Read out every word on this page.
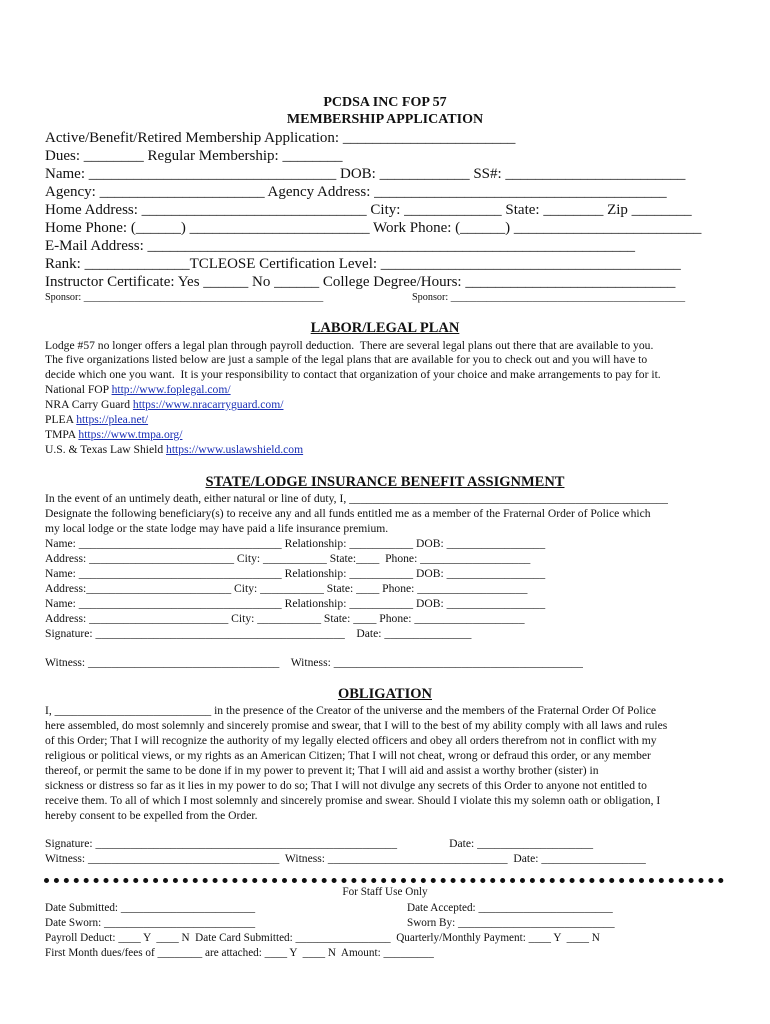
PCDSA INC FOP 57
MEMBERSHIP APPLICATION
Active/Benefit/Retired Membership Application: _______________________
Dues: ________ Regular Membership: ________
Name: _________________________________ DOB: ____________ SS#: ________________________
Agency: ______________________ Agency Address: _______________________________________
Home Address: ______________________________ City: _____________ State: ________ Zip ________
Home Phone: (______) ________________________ Work Phone: (______) _________________________
E-Mail Address: _________________________________________________________________
Rank: ______________TCLEOSE Certification Level: ________________________________________
Instructor Certificate: Yes ______ No ______ College Degree/Hours: ____________________________
Sponsor: _______________________________________________	Sponsor: ______________________________________________
LABOR/LEGAL PLAN
Lodge #57 no longer offers a legal plan through payroll deduction.  There are several legal plans out there that are available to you.
The five organizations listed below are just a sample of the legal plans that are available for you to check out and you will have to
decide which one you want.  It is your responsibility to contact that organization of your choice and make arrangements to pay for it.
National FOP http://www.foplegal.com/
NRA Carry Guard https://www.nracarryguard.com/
PLEA https://plea.net/
TMPA https://www.tmpa.org/
U.S. & Texas Law Shield https://www.uslawshield.com
STATE/LODGE INSURANCE BENEFIT ASSIGNMENT
In the event of an untimely death, either natural or line of duty, I, _______________________________________________________
Designate the following beneficiary(s) to receive any and all funds entitled me as a member of the Fraternal Order of Police which
my local lodge or the state lodge may have paid a life insurance premium.
Name: ___________________________________ Relationship: ___________ DOB: _________________
Address: _________________________ City: ___________ State:____  Phone: ___________________
Name: ___________________________________ Relationship: ___________ DOB: _________________
Address:_________________________ City: ___________ State: ____ Phone: ___________________
Name: ___________________________________ Relationship: ___________ DOB: _________________
Address: ________________________ City: ___________ State: ____ Phone: ___________________
Signature: ___________________________________________    Date: _______________
Witness: _________________________________    Witness: ___________________________________________
OBLIGATION
I, ___________________________ in the presence of the Creator of the universe and the members of the Fraternal Order Of Police
here assembled, do most solemnly and sincerely promise and swear, that I will to the best of my ability comply with all laws and rules
of this Order; That I will recognize the authority of my legally elected officers and obey all orders therefrom not in conflict with my
religious or political views, or my rights as an American Citizen; That I will not cheat, wrong or defraud this order, or any member
thereof, or permit the same to be done if in my power to prevent it; That I will aid and assist a worthy brother (sister) in
sickness or distress so far as it lies in my power to do so; That I will not divulge any secrets of this Order to anyone not entitled to
receive them. To all of which I most solemnly and sincerely promise and swear. Should I violate this my solemn oath or obligation, I
hereby consent to be expelled from the Order.
Signature: ____________________________________________________                  Date: ____________________
Witness: _________________________________  Witness: _______________________________  Date: __________________
For Staff Use Only
Date Submitted: ________________________	Date Accepted: ________________________
Date Sworn: ___________________________	Sworn By: ____________________________
Payroll Deduct: ____ Y  ____ N  Date Card Submitted: _________________  Quarterly/Monthly Payment: ____ Y  ____ N
First Month dues/fees of ________ are attached: ____ Y  ____ N  Amount: _________
